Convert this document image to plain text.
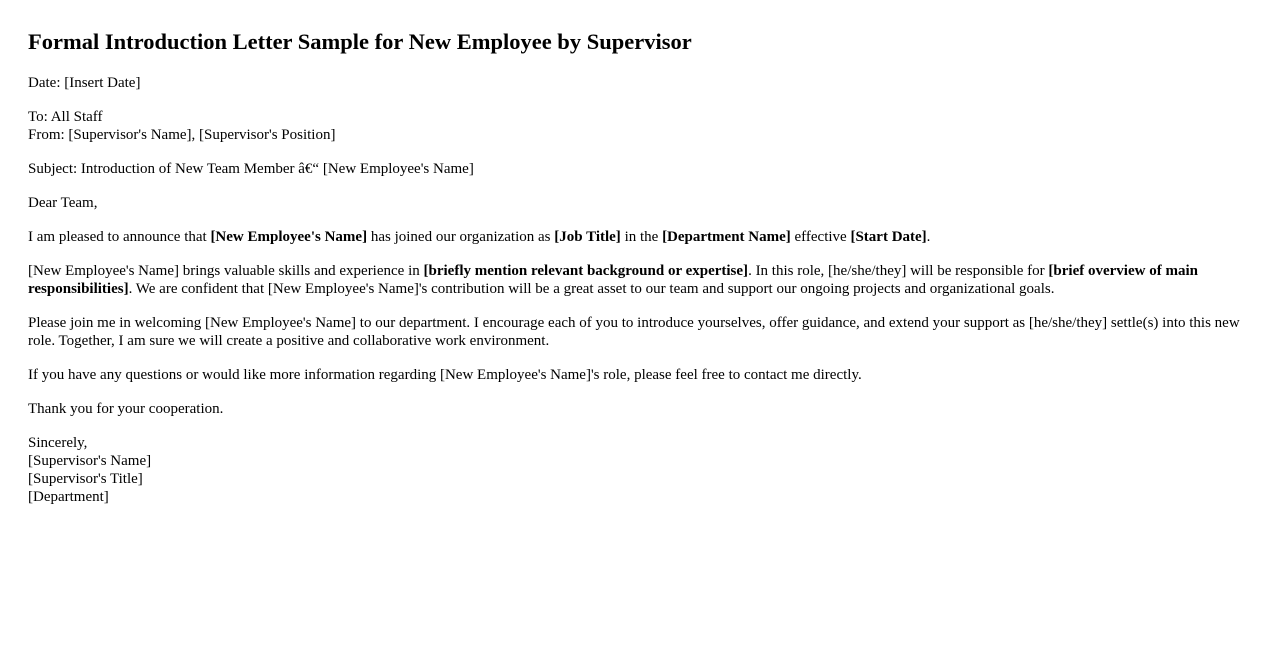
Formal Introduction Letter Sample for New Employee by Supervisor

Date: [Insert Date]

To: All Staff
From: [Supervisor's Name], [Supervisor's Position]

Subject: Introduction of New Team Member â€“ [New Employee's Name]

Dear Team,

I am pleased to announce that [New Employee's Name] has joined our organization as [Job Title] in the [Department Name] effective [Start Date].

[New Employee's Name] brings valuable skills and experience in [briefly mention relevant background or expertise]. In this role, [he/she/they] will be responsible for [brief overview of main responsibilities]. We are confident that [New Employee's Name]'s contribution will be a great asset to our team and support our ongoing projects and organizational goals.

Please join me in welcoming [New Employee's Name] to our department. I encourage each of you to introduce yourselves, offer guidance, and extend your support as [he/she/they] settle(s) into this new role. Together, I am sure we will create a positive and collaborative work environment.

If you have any questions or would like more information regarding [New Employee's Name]'s role, please feel free to contact me directly.

Thank you for your cooperation.

Sincerely,
[Supervisor's Name]
[Supervisor's Title]
[Department]
